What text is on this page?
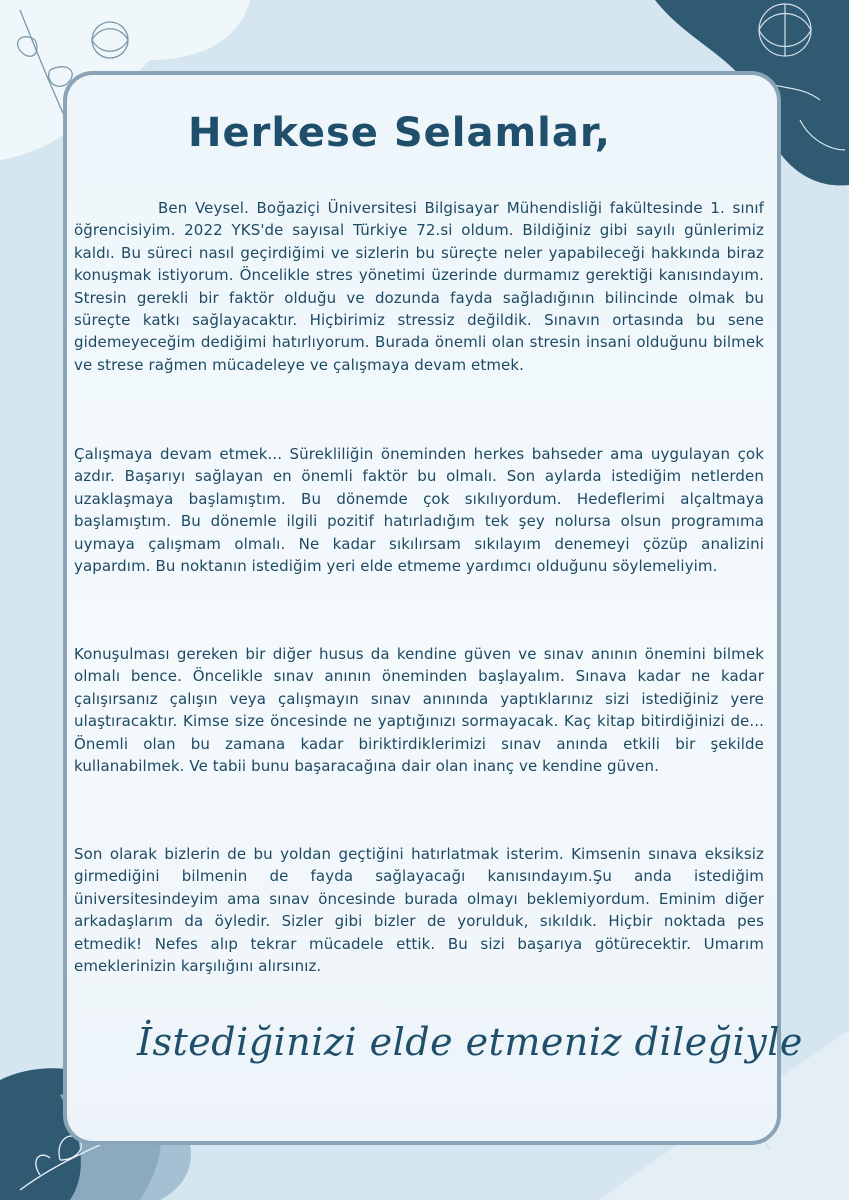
Herkese Selamlar,

Ben Veysel. Boğaziçi Üniversitesi Bilgisayar Mühendisliği fakültesinde 1. sınıf öğrencisiyim. 2022 YKS'de sayısal Türkiye 72.si oldum. Bildiğiniz gibi sayılı günlerimiz kaldı. Bu süreci nasıl geçirdiğimi ve sizlerin bu süreçte neler yapabileceği hakkında biraz konuşmak istiyorum. Öncelikle stres yönetimi üzerinde durmamız gerektiği kanısındayım. Stresin gerekli bir faktör olduğu ve dozunda fayda sağladığının bilincinde olmak bu süreçte katkı sağlayacaktır. Hiçbirimiz stressiz değildik. Sınavın ortasında bu sene gidemeyeceğim dediğimi hatırlıyorum. Burada önemli olan stresin insani olduğunu bilmek ve strese rağmen mücadeleye ve çalışmaya devam etmek.

Çalışmaya devam etmek... Sürekliliğin öneminden herkes bahseder ama uygulayan çok azdır. Başarıyı sağlayan en önemli faktör bu olmalı. Son aylarda istediğim netlerden uzaklaşmaya başlamıştım. Bu dönemde çok sıkılıyordum. Hedeflerimi alçaltmaya başlamıştım. Bu dönemle ilgili pozitif hatırladığım tek şey nolursa olsun programıma uymaya çalışmam olmalı. Ne kadar sıkılırsam sıkılayım denemeyi çözüp analizini yapardım. Bu noktanın istediğim yeri elde etmeme yardımcı olduğunu söylemeliyim.

Konuşulması gereken bir diğer husus da kendine güven ve sınav anının önemini bilmek olmalı bence. Öncelikle sınav anının öneminden başlayalım. Sınava kadar ne kadar çalışırsanız çalışın veya çalışmayın sınav anınında yaptıklarınız sizi istediğiniz yere ulaştıracaktır. Kimse size öncesinde ne yaptığınızı sormayacak. Kaç kitap bitirdiğinizi de... Önemli olan bu zamana kadar biriktirdiklerimizi sınav anında etkili bir şekilde kullanabilmek. Ve tabii bunu başaracağına dair olan inanç ve kendine güven.

Son olarak bizlerin de bu yoldan geçtiğini hatırlatmak isterim. Kimsenin sınava eksiksiz girmediğini bilmenin de fayda sağlayacağı kanısındayım.Şu anda istediğim üniversitesindeyim ama sınav öncesinde burada olmayı beklemiyordum. Eminim diğer arkadaşlarım da öyledir. Sizler gibi bizler de yorulduk, sıkıldık. Hiçbir noktada pes etmedik! Nefes alıp tekrar mücadele ettik. Bu sizi başarıya götürecektir. Umarım emeklerinizin karşılığını alırsınız.

İstediğinizi elde etmeniz dileğiyle
